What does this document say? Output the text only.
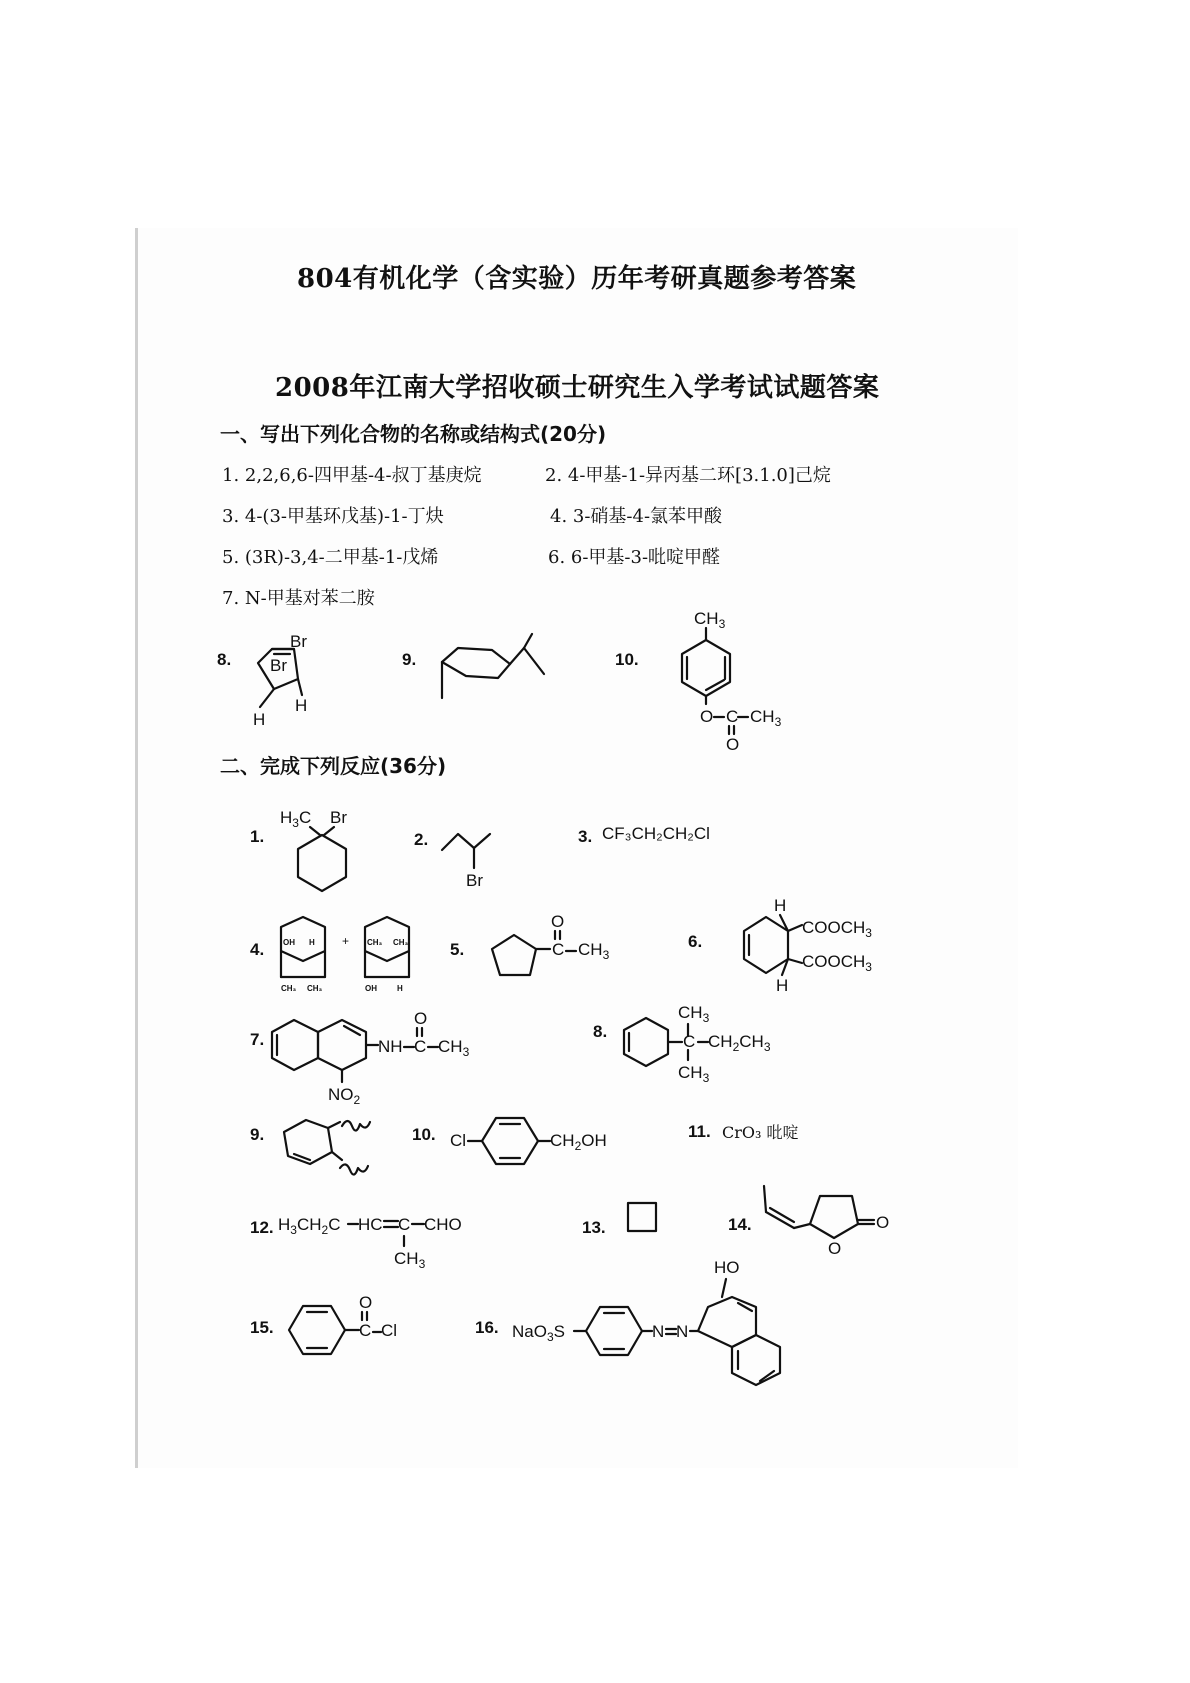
804有机化学（含实验）历年考研真题参考答案
2008年江南大学招收硕士研究生入学考试试题答案
一、写出下列化合物的名称或结构式(20分)
1. 2,2,6,6-四甲基-4-叔丁基庚烷	2. 4-甲基-1-异丙基二环[3.1.0]己烷
3. 4-(3-甲基环戊基)-1-丁炔	4. 3-硝基-4-氯苯甲酸
5. (3R)-3,4-二甲基-1-戊烯	6. 6-甲基-3-吡啶甲醛
7. N-甲基对苯二胺
8.	9.	10.
Br
Br
H
H
$CH_3$
O C $CH_3$
O
二、完成下列反应(36分)
1.	2.	3. CF₃CH₂CH₂Cl
$H_3C$ Br
Br
4.	5.	6.
OH H
CH₃ CH₃
+ CH₃ CH₃
OH	H
C $CH_3$
O
H
$COOCH_3$
$COOCH_3$
H
7.	8.
NH C $CH_3$
O
$NO_2$
$CH_3$
C $CH_2CH_3$
$CH_3$
9.	10.	11. CrO₃ 吡啶
Cl	$CH_2OH$
12.	13.	14.
$H_3CH_2C$ HC C CHO
$CH_3$
O
O
15.	16.
C Cl
O
NaO$_3$S	N N
HO
